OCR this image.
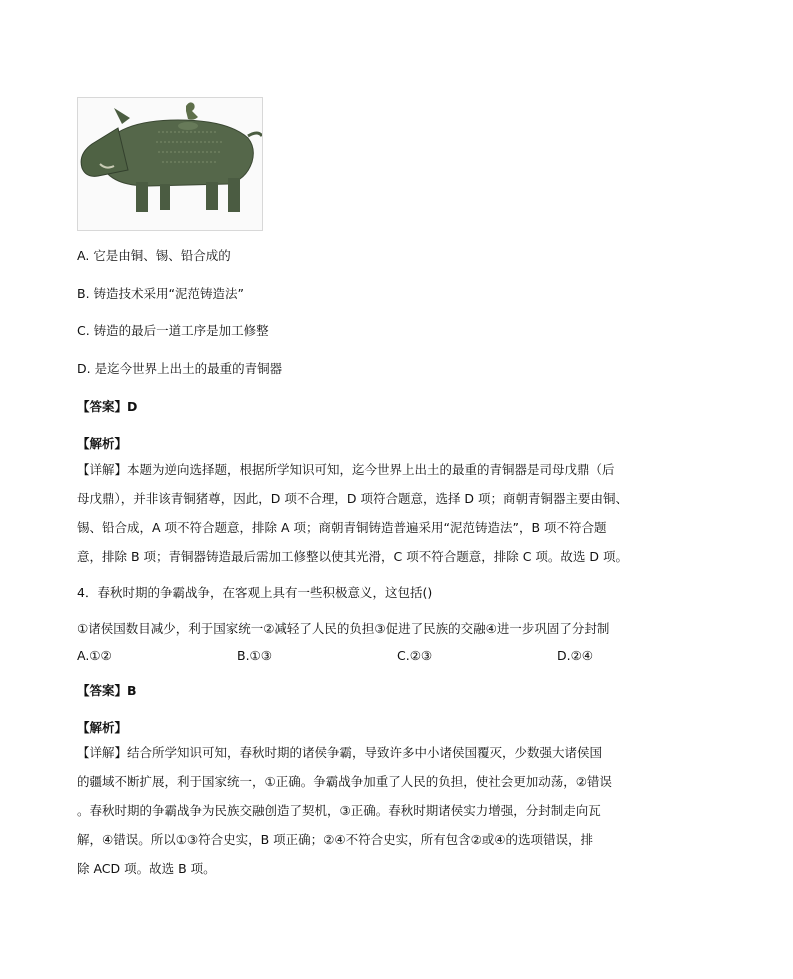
A. 它是由铜、锡、铅合成的
B. 铸造技术采用“泥范铸造法”
C. 铸造的最后一道工序是加工修整
D. 是迄今世界上出土的最重的青铜器
【答案】D
【解析】
【详解】本题为逆向选择题，根据所学知识可知，迄今世界上出土的最重的青铜器是司母戊鼎（后
母戊鼎），并非该青铜猪尊，因此，D 项不合理，D 项符合题意，选择 D 项；商朝青铜器主要由铜、
锡、铅合成，A 项不符合题意，排除 A 项；商朝青铜铸造普遍采用“泥范铸造法”，B 项不符合题
意，排除 B 项；青铜器铸造最后需加工修整以使其光滑，C 项不符合题意，排除 C 项。故选 D 项。
4．春秋时期的争霸战争，在客观上具有一些积极意义，这包括()
①诸侯国数目减少，利于国家统一②减轻了人民的负担③促进了民族的交融④进一步巩固了分封制
A.①②	B.①③	C.②③	D.②④
【答案】B
【解析】
【详解】结合所学知识可知，春秋时期的诸侯争霸，导致许多中小诸侯国覆灭，少数强大诸侯国
的疆域不断扩展，利于国家统一，①正确。争霸战争加重了人民的负担，使社会更加动荡，②错误
。春秋时期的争霸战争为民族交融创造了契机，③正确。春秋时期诸侯实力增强，分封制走向瓦
解，④错误。所以①③符合史实，B 项正确；②④不符合史实，所有包含②或④的选项错误，排
除 ACD 项。故选 B 项。
